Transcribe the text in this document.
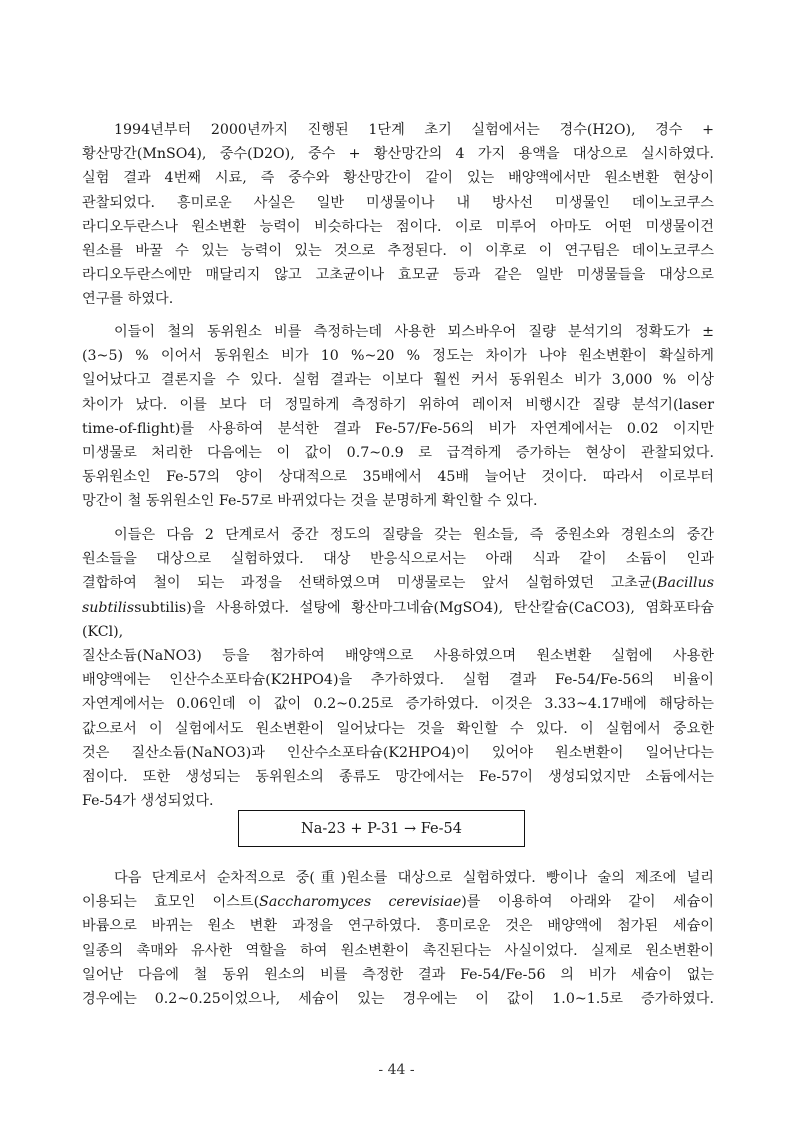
1994년부터 2000년까지 진행된 1단계 초기 실험에서는 경수(H2O), 경수 +
황산망간(MnSO4), 중수(D2O), 중수 + 황산망간의 4 가지 용액을 대상으로 실시하였다.
실험 결과 4번째 시료, 즉 중수와 황산망간이 같이 있는 배양액에서만 원소변환 현상이
관찰되었다. 흥미로운 사실은 일반 미생물이나 내 방사선 미생물인 데이노코쿠스
라디오두란스나 원소변환 능력이 비슷하다는 점이다. 이로 미루어 아마도 어떤 미생물이건
원소를 바꿀 수 있는 능력이 있는 것으로 추정된다. 이 이후로 이 연구팀은 데이노코쿠스
라디오두란스에만 매달리지 않고 고초균이나 효모균 등과 같은 일반 미생물들을 대상으로
연구를 하였다.
이들이 철의 동위원소 비를 측정하는데 사용한 뫼스바우어 질량 분석기의 정확도가 ±
(3~5) % 이어서 동위원소 비가 10 %~20 % 정도는 차이가 나야 원소변환이 확실하게
일어났다고 결론지을 수 있다. 실험 결과는 이보다 훨씬 커서 동위원소 비가 3,000 % 이상
차이가 났다. 이를 보다 더 정밀하게 측정하기 위하여 레이저 비행시간 질량 분석기(laser
time-of-flight)를 사용하여 분석한 결과 Fe-57/Fe-56의 비가 자연계에서는 0.02 이지만
미생물로 처리한 다음에는 이 값이 0.7~0.9 로 급격하게 증가하는 현상이 관찰되었다.
동위원소인 Fe-57의 양이 상대적으로 35배에서 45배 늘어난 것이다. 따라서 이로부터
망간이 철 동위원소인 Fe-57로 바뀌었다는 것을 분명하게 확인할 수 있다.
이들은 다음 2 단계로서 중간 정도의 질량을 갖는 원소들, 즉 중원소와 경원소의 중간
원소들을 대상으로 실험하였다. 대상 반응식으로서는 아래 식과 같이 소듐이 인과
결합하여 철이 되는 과정을 선택하였으며 미생물로는 앞서 실험하였던 고초균(Bacillus
subtilissubtilis)을 사용하였다. 설탕에 황산마그네슘(MgSO4), 탄산칼슘(CaCO3), 염화포타슘(KCl),
질산소듐(NaNO3) 등을 첨가하여 배양액으로 사용하였으며 원소변환 실험에 사용한
배양액에는 인산수소포타슘(K2HPO4)을 추가하였다. 실험 결과 Fe-54/Fe-56의 비율이
자연계에서는 0.06인데 이 값이 0.2~0.25로 증가하였다. 이것은 3.33~4.17배에 해당하는
값으로서 이 실험에서도 원소변환이 일어났다는 것을 확인할 수 있다. 이 실험에서 중요한
것은 질산소듐(NaNO3)과 인산수소포타슘(K2HPO4)이 있어야 원소변환이 일어난다는
점이다. 또한 생성되는 동위원소의 종류도 망간에서는 Fe-57이 생성되었지만 소듐에서는
Fe-54가 생성되었다.
Na-23 + P-31 → Fe-54
다음 단계로서 순차적으로 중(重)원소를 대상으로 실험하였다. 빵이나 술의 제조에 널리
이용되는 효모인 이스트(Saccharomyces cerevisiae)를 이용하여 아래와 같이 세슘이
바륨으로 바뀌는 원소 변환 과정을 연구하였다. 흥미로운 것은 배양액에 첨가된 세슘이
일종의 촉매와 유사한 역할을 하여 원소변환이 촉진된다는 사실이었다. 실제로 원소변환이
일어난 다음에 철 동위 원소의 비를 측정한 결과 Fe-54/Fe-56 의 비가 세슘이 없는
경우에는 0.2~0.25이었으나, 세슘이 있는 경우에는 이 값이 1.0~1.5로 증가하였다.
- 44 -
